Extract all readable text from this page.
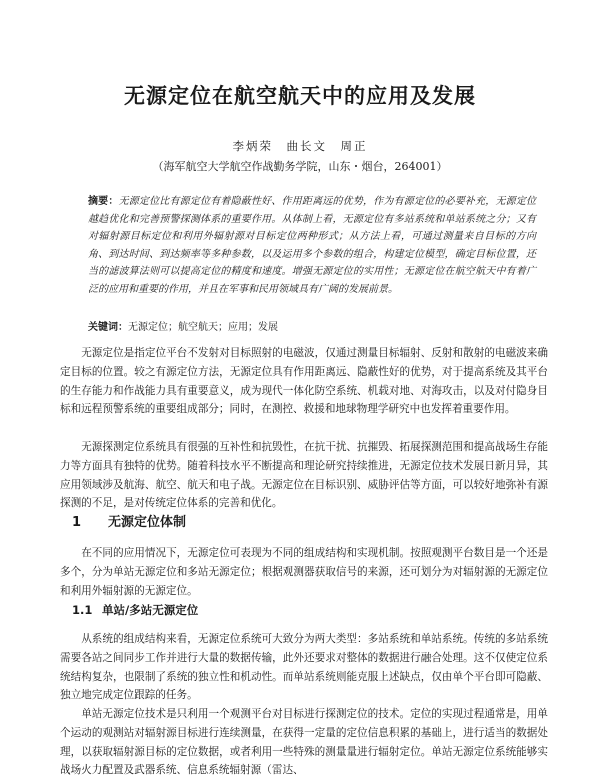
无源定位在航空航天中的应用及发展
李炳荣　曲长文　周正
（海军航空大学航空作战勤务学院，山东・烟台，264001）
摘要：无源定位比有源定位有着隐蔽性好、作用距离远的优势，作为有源定位的必要补充，无源定位越趋优化和完善预警探测体系的重要作用。从体制上看，无源定位有多站系统和单站系统之分；又有对辐射源目标定位和利用外辐射源对目标定位两种形式；从方法上看，可通过测量来自目标的方向角、到达时间、到达频率等多种参数，以及运用多个参数的组合，构建定位模型，确定目标位置，还当的滤波算法则可以提高定位的精度和速度。增强无源定位的实用性；无源定位在航空航天中有着广泛的应用和重要的作用，并且在军事和民用领域具有广阔的发展前景。
关键词：无源定位；航空航天；应用；发展
无源定位是指定位平台不发射对目标照射的电磁波，仅通过测量目标辐射、反射和散射的电磁波来确定目标的位置。较之有源定位方法，无源定位具有作用距离远、隐蔽性好的优势，对于提高系统及其平台的生存能力和作战能力具有重要意义，成为现代一体化防空系统、机载对地、对海攻击，以及对付隐身目标和远程预警系统的重要组成部分；同时，在测控、救援和地球物理学研究中也发挥着重要作用。
无源探测定位系统具有很强的互补性和抗毁性，在抗干扰、抗摧毁、拓展探测范围和提高战场生存能力等方面具有独特的优势。随着科技水平不断提高和理论研究持续推进，无源定位技术发展日新月异，其应用领域涉及航海、航空、航天和电子战。无源定位在目标识别、威胁评估等方面，可以较好地弥补有源探测的不足，是对传统定位体系的完善和优化。
1 无源定位体制
在不同的应用情况下，无源定位可表现为不同的组成结构和实现机制。按照观测平台数目是一个还是多个，分为单站无源定位和多站无源定位；根据观测器获取信号的来源，还可划分为对辐射源的无源定位和利用外辐射源的无源定位。
1.1 单站/多站无源定位
从系统的组成结构来看，无源定位系统可大致分为两大类型：多站系统和单站系统。传统的多站系统需要各站之间同步工作并进行大量的数据传输，此外还要求对整体的数据进行融合处理。这不仅使定位系统结构复杂，也限制了系统的独立性和机动性。而单站系统则能克服上述缺点，仅由单个平台即可隐蔽、独立地完成定位跟踪的任务。
单站无源定位技术是只利用一个观测平台对目标进行探测定位的技术。定位的实现过程通常是，用单个运动的观测站对辐射源目标进行连续测量，在获得一定量的定位信息积累的基础上，进行适当的数据处理，以获取辐射源目标的定位数据，或者利用一些特殊的测量量进行辐射定位。单站无源定位系统能够实战场火力配置及武器系统、信息系统辐射源（雷达、
